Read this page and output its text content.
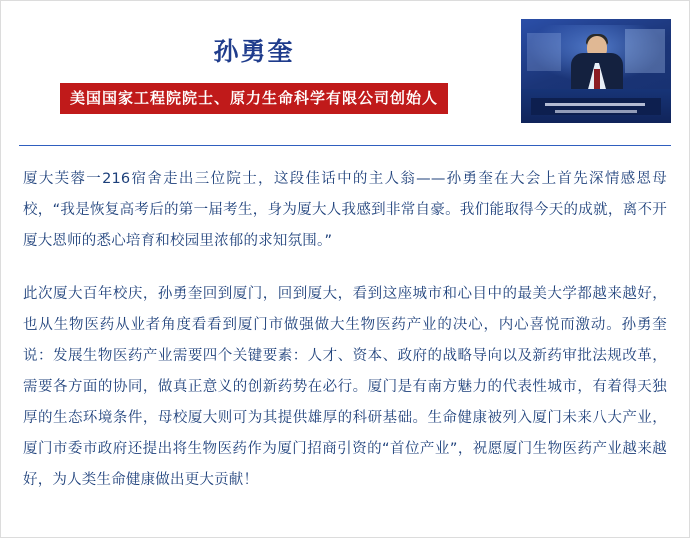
孙勇奎
美国国家工程院院士、原力生命科学有限公司创始人

厦大芙蓉一216宿舍走出三位院士，这段佳话中的主人翁——孙勇奎在大会上首先深情感恩母校，“我是恢复高考后的第一届考生，身为厦大人我感到非常自豪。我们能取得今天的成就，离不开厦大恩师的悉心培育和校园里浓郁的求知氛围。”

此次厦大百年校庆，孙勇奎回到厦门，回到厦大，看到这座城市和心目中的最美大学都越来越好，也从生物医药从业者角度看看到厦门市做强做大生物医药产业的决心，内心喜悦而激动。孙勇奎说：发展生物医药产业需要四个关键要素：人才、资本、政府的战略导向以及新药审批法规改革，需要各方面的协同，做真正意义的创新药势在必行。厦门是有南方魅力的代表性城市，有着得天独厚的生态环境条件，母校厦大则可为其提供雄厚的科研基础。生命健康被列入厦门未来八大产业，厦门市委市政府还提出将生物医药作为厦门招商引资的“首位产业”，祝愿厦门生物医药产业越来越好，为人类生命健康做出更大贡献！
